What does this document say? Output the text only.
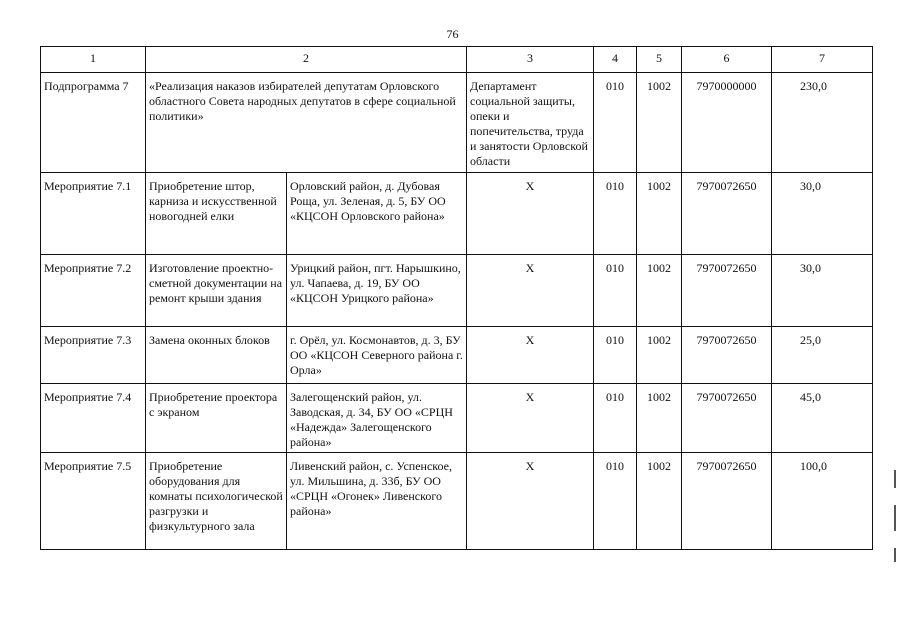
76
1	2		3	4	5	6	7
Подпрограмма 7	«Реализация наказов избирателей депутатам Орловского областного Совета народных депутатов в сфере социальной политики»		Департамент социальной защиты, опеки и попечительства, труда и занятости Орловской области	010	1002	7970000000	230,0
Мероприятие 7.1	Приобретение штор, карниза и искусственной новогодней елки	Орловский район, д. Дубовая Роща, ул. Зеленая, д. 5, БУ ОО «КЦСОН Орловского района»	X	010	1002	7970072650	30,0
Мероприятие 7.2	Изготовление проектно-сметной документации на ремонт крыши здания	Урицкий район, пгт. Нарышкино, ул. Чапаева, д. 19, БУ ОО «КЦСОН Урицкого района»	X	010	1002	7970072650	30,0
Мероприятие 7.3	Замена оконных блоков	г. Орёл, ул. Космонавтов, д. 3, БУ ОО «КЦСОН Северного района г. Орла»	X	010	1002	7970072650	25,0
Мероприятие 7.4	Приобретение проектора с экраном	Залегощенский район, ул. Заводская, д. 34, БУ ОО «СРЦН «Надежда» Залегощенского района»	X	010	1002	7970072650	45,0
Мероприятие 7.5	Приобретение оборудования для комнаты психологической разгрузки и физкультурного зала	Ливенский район, с. Успенское, ул. Мильшина, д. 33б, БУ ОО «СРЦН «Огонек» Ливенского района»	X	010	1002	7970072650	100,0
